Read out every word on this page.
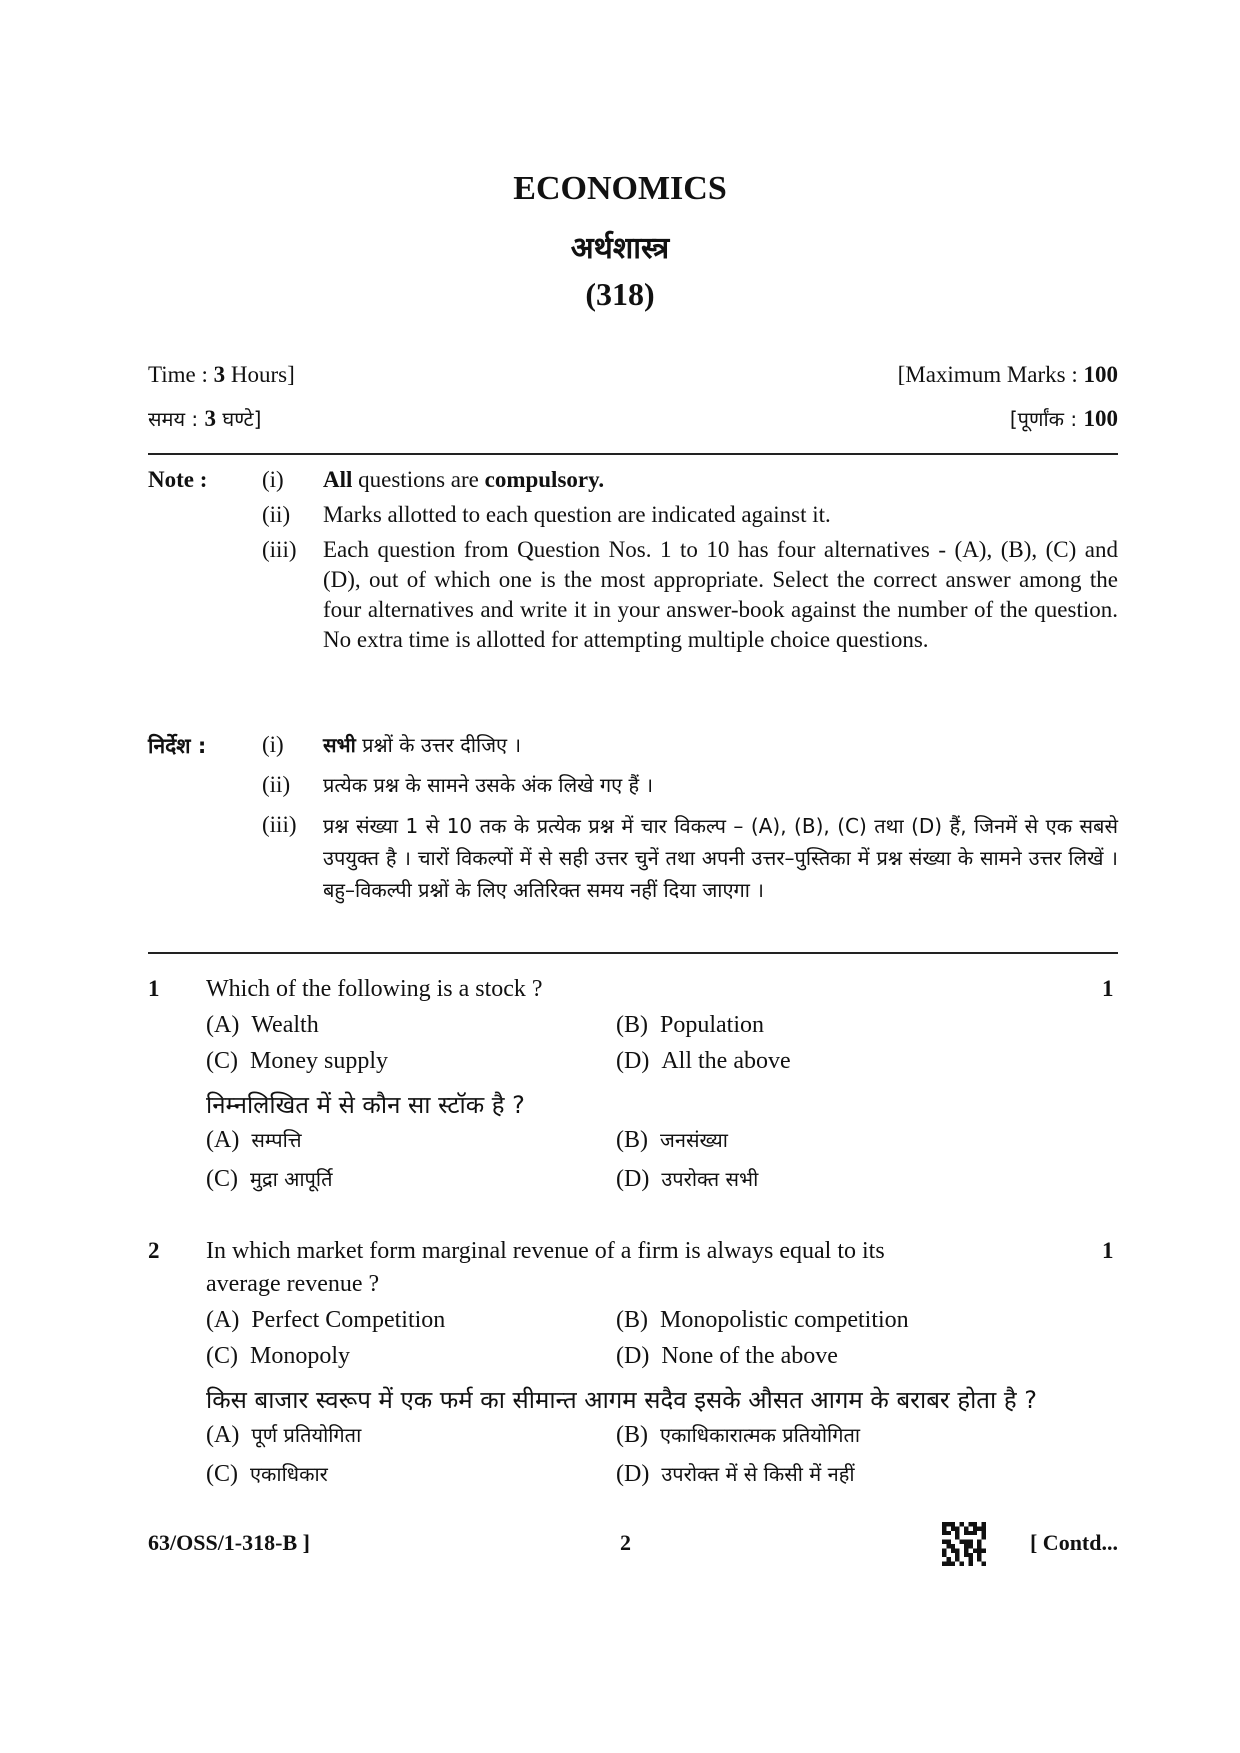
ECONOMICS
अर्थशास्त्र
(318)
Time : 3 Hours]	[Maximum Marks : 100
समय : 3 घण्टे]	[पूर्णांक : 100
Note : (i) All questions are compulsory.
(ii) Marks allotted to each question are indicated against it.
(iii) Each question from Question Nos. 1 to 10 has four alternatives - (A), (B), (C) and (D), out of which one is the most appropriate. Select the correct answer among the four alternatives and write it in your answer-book against the number of the question. No extra time is allotted for attempting multiple choice questions.
निर्देश : (i) सभी प्रश्नों के उत्तर दीजिए ।
(ii) प्रत्येक प्रश्न के सामने उसके अंक लिखे गए हैं ।
(iii) प्रश्न संख्या 1 से 10 तक के प्रत्येक प्रश्न में चार विकल्प – (A), (B), (C) तथा (D) हैं, जिनमें से एक सबसे उपयुक्त है । चारों विकल्पों में से सही उत्तर चुनें तथा अपनी उत्तर–पुस्तिका में प्रश्न संख्या के सामने उत्तर लिखें । बहु–विकल्पी प्रश्नों के लिए अतिरिक्त समय नहीं दिया जाएगा ।
1 Which of the following is a stock ?	1
(A) Wealth	(B) Population
(C) Money supply	(D) All the above
निम्नलिखित में से कौन सा स्टॉक है ?
(A) सम्पत्ति	(B) जनसंख्या
(C) मुद्रा आपूर्ति	(D) उपरोक्त सभी
2 In which market form marginal revenue of a firm is always equal to its
average revenue ?
1
(A) Perfect Competition	(B) Monopolistic competition
(C) Monopoly	(D) None of the above
किस बाजार स्वरूप में एक फर्म का सीमान्त आगम सदैव इसके औसत आगम के बराबर होता है ?
(A) पूर्ण प्रतियोगिता	(B) एकाधिकारात्मक प्रतियोगिता
(C) एकाधिकार	(D) उपरोक्त में से किसी में नहीं
63/OSS/1-318-B ]	2	[ Contd...
